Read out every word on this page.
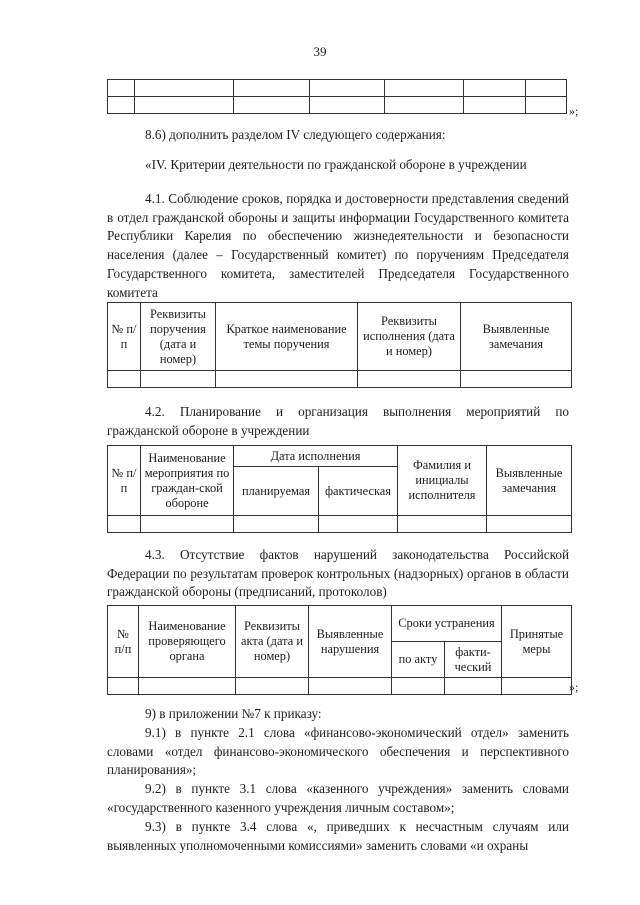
39

»;
8.6) дополнить разделом IV следующего содержания:
«IV. Критерии деятельности по гражданской обороне в учреждении
4.1. Соблюдение сроков, порядка и достоверности представления сведений в отдел гражданской обороны и защиты информации Государственного комитета Республики Карелия по обеспечению жизнедеятельности и безопасности населения (далее – Государственный комитет) по поручениям Председателя Государственного комитета, заместителей Председателя Государственного комитета
№ п/п	Реквизиты поручения (дата и номер)	Краткое наименование темы поручения	Реквизиты исполнения (дата и номер)	Выявленные замечания

4.2. Планирование и организация выполнения мероприятий по гражданской обороне в учреждении
№ п/п	Наименование мероприятия по граждан-ской обороне	Дата исполнения		Фамилия и инициалы исполнителя	Выявленные замечания
		планируемая	фактическая		

4.3. Отсутствие фактов нарушений законодательства Российской Федерации по результатам проверок контрольных (надзорных) органов в области гражданской обороны (предписаний, протоколов)
№ п/п	Наименование проверяющего органа	Реквизиты акта (дата и номер)	Выявленные нарушения	Сроки устранения		Принятые меры
				по акту	факти-ческий	

»;
9) в приложении №7 к приказу:
9.1) в пункте 2.1 слова «финансово-экономический отдел» заменить словами «отдел финансово-экономического обеспечения и перспективного планирования»;
9.2) в пункте 3.1 слова «казенного учреждения» заменить словами «государственного казенного учреждения личным составом»;
9.3) в пункте 3.4 слова «, приведших к несчастным случаям или выявленных уполномоченными комиссиями» заменить словами «и охраны
